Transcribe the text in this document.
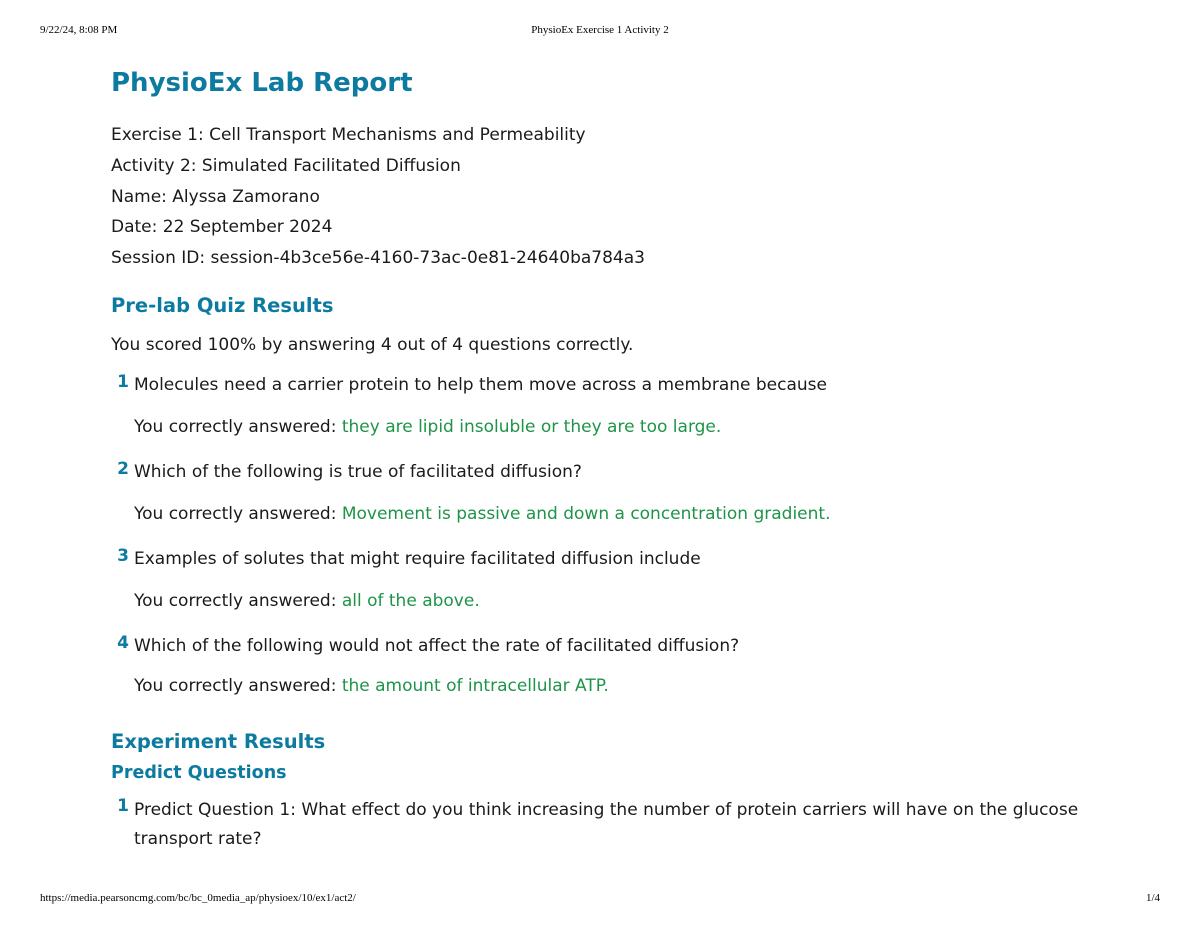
9/22/24, 8:08 PM	PhysioEx Exercise 1 Activity 2
PhysioEx Lab Report
Exercise 1: Cell Transport Mechanisms and Permeability
Activity 2: Simulated Facilitated Diffusion
Name: Alyssa Zamorano
Date: 22 September 2024
Session ID: session-4b3ce56e-4160-73ac-0e81-24640ba784a3
Pre-lab Quiz Results
You scored 100% by answering 4 out of 4 questions correctly.
1 Molecules need a carrier protein to help them move across a membrane because
You correctly answered: they are lipid insoluble or they are too large.
2 Which of the following is true of facilitated diffusion?
You correctly answered: Movement is passive and down a concentration gradient.
3 Examples of solutes that might require facilitated diffusion include
You correctly answered: all of the above.
4 Which of the following would not affect the rate of facilitated diffusion?
You correctly answered: the amount of intracellular ATP.
Experiment Results
Predict Questions
1 Predict Question 1: What effect do you think increasing the number of protein carriers will have on the glucose transport rate?
https://media.pearsoncmg.com/bc/bc_0media_ap/physioex/10/ex1/act2/	1/4
